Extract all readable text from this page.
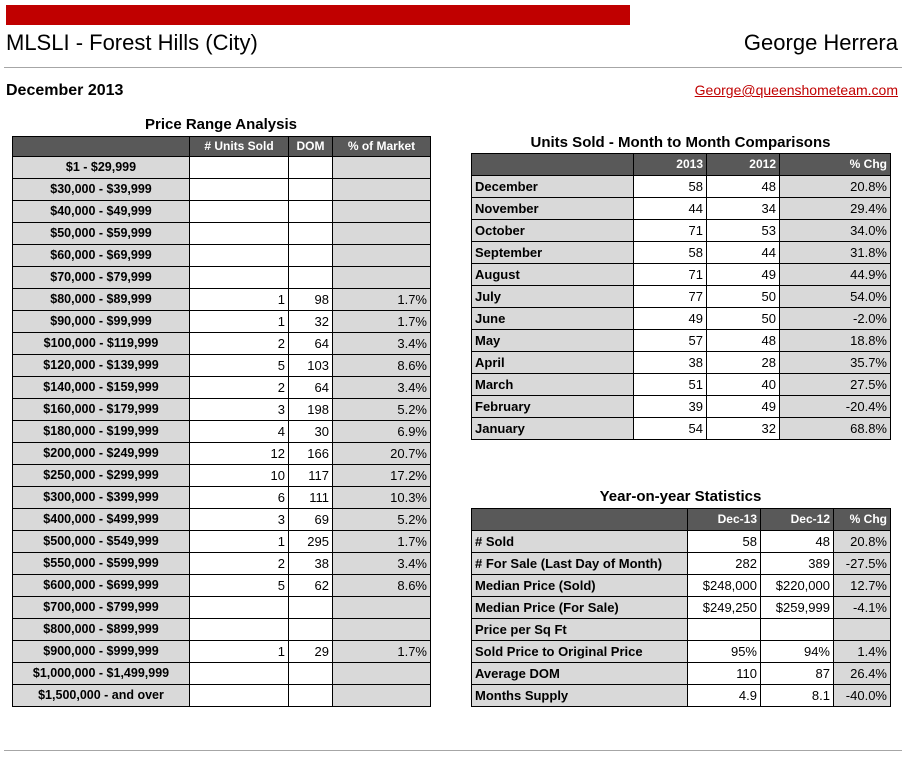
MLSLI - Forest Hills (City)	George Herrera
December 2013	George@queenshometeam.com
Price Range Analysis
	# Units Sold	DOM	% of Market
$1 - $29,999			
$30,000 - $39,999			
$40,000 - $49,999			
$50,000 - $59,999			
$60,000 - $69,999			
$70,000 - $79,999			
$80,000 - $89,999	1	98	1.7%
$90,000 - $99,999	1	32	1.7%
$100,000 - $119,999	2	64	3.4%
$120,000 - $139,999	5	103	8.6%
$140,000 - $159,999	2	64	3.4%
$160,000 - $179,999	3	198	5.2%
$180,000 - $199,999	4	30	6.9%
$200,000 - $249,999	12	166	20.7%
$250,000 - $299,999	10	117	17.2%
$300,000 - $399,999	6	111	10.3%
$400,000 - $499,999	3	69	5.2%
$500,000 - $549,999	1	295	1.7%
$550,000 - $599,999	2	38	3.4%
$600,000 - $699,999	5	62	8.6%
$700,000 - $799,999			
$800,000 - $899,999			
$900,000 - $999,999	1	29	1.7%
$1,000,000 - $1,499,999			
$1,500,000 - and over			
Units Sold - Month to Month Comparisons
	2013	2012	% Chg
December	58	48	20.8%
November	44	34	29.4%
October	71	53	34.0%
September	58	44	31.8%
August	71	49	44.9%
July	77	50	54.0%
June	49	50	-2.0%
May	57	48	18.8%
April	38	28	35.7%
March	51	40	27.5%
February	39	49	-20.4%
January	54	32	68.8%
Year-on-year Statistics
	Dec-13	Dec-12	% Chg
# Sold	58	48	20.8%
# For Sale (Last Day of Month)	282	389	-27.5%
Median Price (Sold)	$248,000	$220,000	12.7%
Median Price (For Sale)	$249,250	$259,999	-4.1%
Price per Sq Ft			
Sold Price to Original Price	95%	94%	1.4%
Average DOM	110	87	26.4%
Months Supply	4.9	8.1	-40.0%
